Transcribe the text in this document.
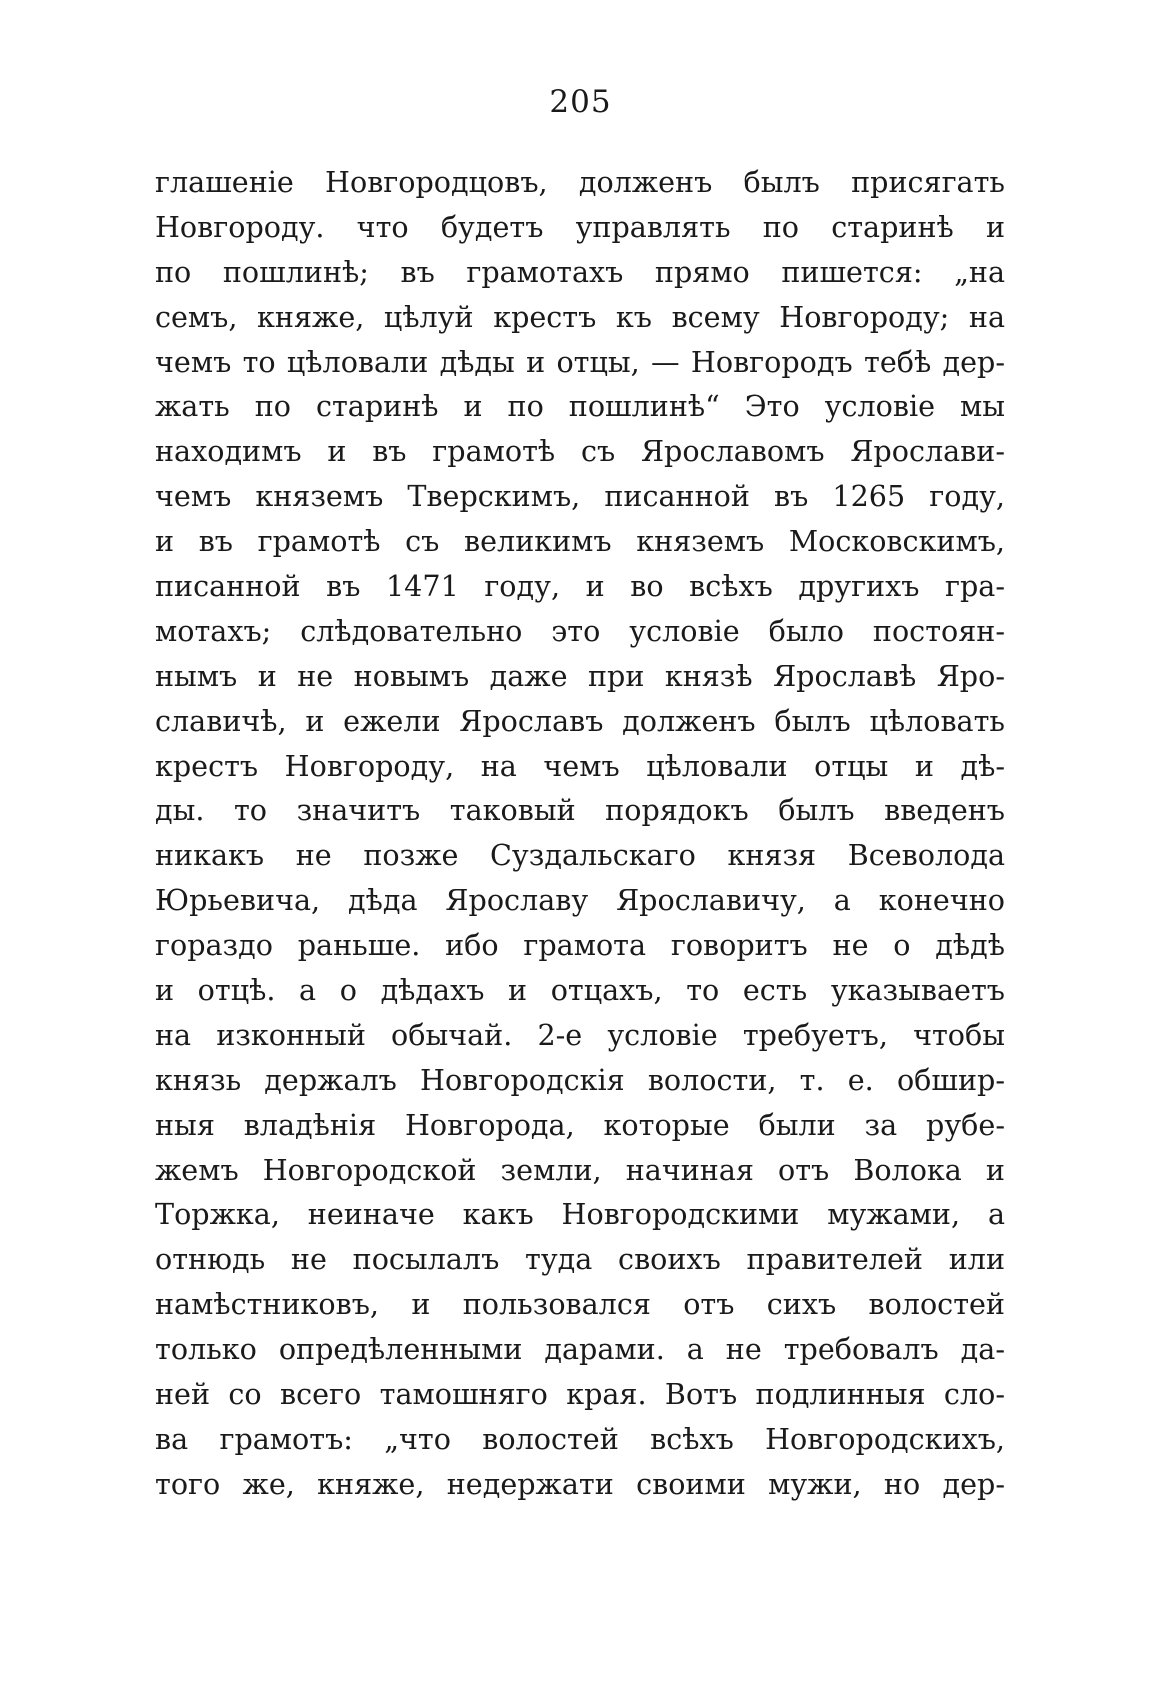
205
глашеніе Новгородцовъ, долженъ былъ присягать
Новгороду. что будетъ управлять по старинѣ и
по пошлинѣ; въ грамотахъ прямо пишется: „на
семъ, княже, цѣлуй крестъ къ всему Новгороду; на
чемъ то цѣловали дѣды и отцы, — Новгородъ тебѣ дер-
жать по старинѣ и по пошлинѣ“ Это условіе мы
находимъ и въ грамотѣ съ Ярославомъ Ярослави-
чемъ княземъ Тверскимъ, писанной въ 1265 году,
и въ грамотѣ съ великимъ княземъ Московскимъ,
писанной въ 1471 году, и во всѣхъ другихъ гра-
мотахъ; слѣдовательно это условіе было постоян-
нымъ и не новымъ даже при князѣ Ярославѣ Яро-
славичѣ, и ежели Ярославъ долженъ былъ цѣловать
крестъ Новгороду, на чемъ цѣловали отцы и дѣ-
ды. то значитъ таковый порядокъ былъ введенъ
никакъ не позже Суздальскаго князя Всеволода
Юрьевича, дѣда Ярославу Ярославичу, а конечно
гораздо раньше. ибо грамота говоритъ не о дѣдѣ
и отцѣ. а о дѣдахъ и отцахъ, то есть указываетъ
на изконный обычай. 2-е условіе требуетъ, чтобы
князь держалъ Новгородскія волости, т. е. обшир-
ныя владѣнія Новгорода, которые были за рубе-
жемъ Новгородской земли, начиная отъ Волока и
Торжка, неиначе какъ Новгородскими мужами, а
отнюдь не посылалъ туда своихъ правителей или
намѣстниковъ, и пользовался отъ сихъ волостей
только опредѣленными дарами. а не требовалъ да-
ней со всего тамошняго края. Вотъ подлинныя сло-
ва грамотъ: „что волостей всѣхъ Новгородскихъ,
того же, княже, недержати своими мужи, но дер-
